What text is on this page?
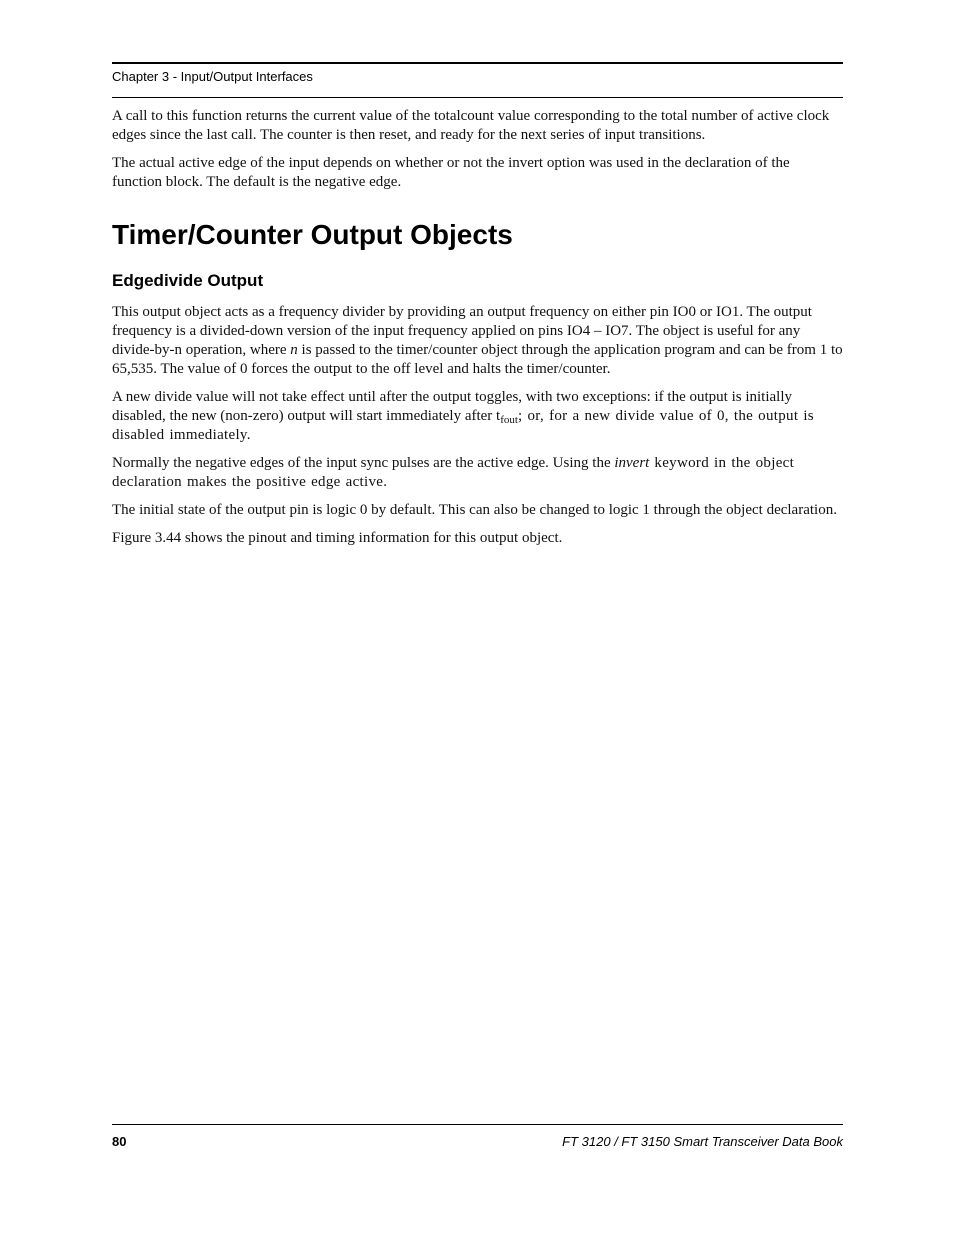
Chapter 3 - Input/Output Interfaces

A call to this function returns the current value of the totalcount value corresponding to the total number of active clock edges since the last call. The counter is then reset, and ready for the next series of input transitions.

The actual active edge of the input depends on whether or not the invert option was used in the declaration of the function block. The default is the negative edge.

Timer/Counter Output Objects
Edgedivide Output

This output object acts as a frequency divider by providing an output frequency on either pin IO0 or IO1. The output frequency is a divided-down version of the input frequency applied on pins IO4 – IO7. The object is useful for any divide-by-n operation, where n is passed to the timer/counter object through the application program and can be from 1 to 65,535. The value of 0 forces the output to the off level and halts the timer/counter.

A new divide value will not take effect until after the output toggles, with two exceptions: if the output is initially disabled, the new (non-zero) output will start immediately after $t_{fout}$; or, for a new divide value of 0, the output is disabled immediately.

Normally the negative edges of the input sync pulses are the active edge. Using the invert keyword in the object declaration makes the positive edge active.

The initial state of the output pin is logic 0 by default. This can also be changed to logic 1 through the object declaration.

Figure 3.44 shows the pinout and timing information for this output object.

80	FT 3120 / FT 3150 Smart Transceiver Data Book
